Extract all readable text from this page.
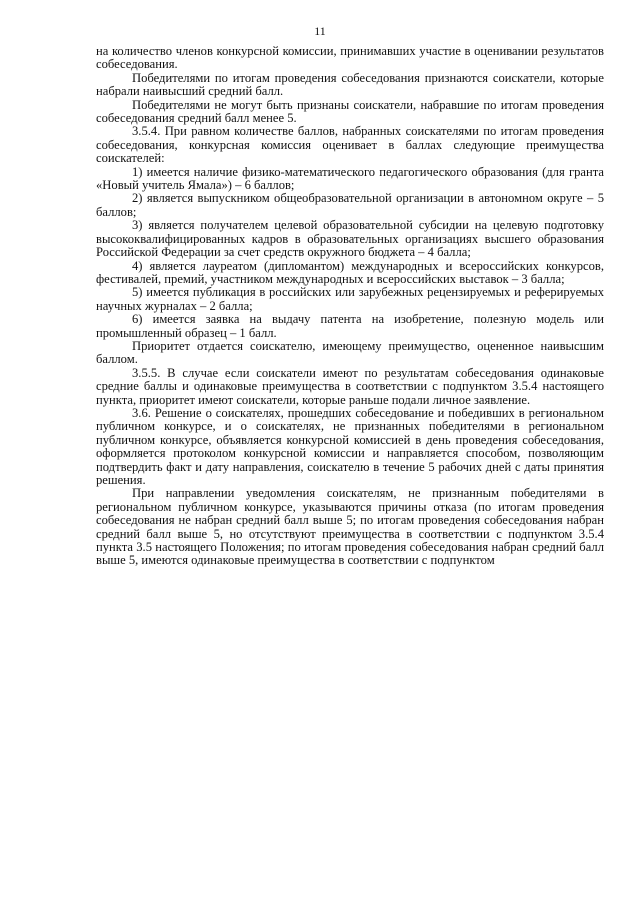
11

на количество членов конкурсной комиссии, принимавших участие в оценивании результатов собеседования.

Победителями по итогам проведения собеседования признаются соискатели, которые набрали наивысший средний балл.

Победителями не могут быть признаны соискатели, набравшие по итогам проведения собеседования средний балл менее 5.

3.5.4. При равном количестве баллов, набранных соискателями по итогам проведения собеседования, конкурсная комиссия оценивает в баллах следующие преимущества соискателей:

1) имеется наличие физико-математического педагогического образования (для гранта «Новый учитель Ямала») – 6 баллов;

2) является выпускником общеобразовательной организации в автономном округе – 5 баллов;

3) является получателем целевой образовательной субсидии на целевую подготовку высококвалифицированных кадров в образовательных организациях высшего образования Российской Федерации за счет средств окружного бюджета – 4 балла;

4) является лауреатом (дипломантом) международных и всероссийских конкурсов, фестивалей, премий, участником международных и всероссийских выставок – 3 балла;

5) имеется публикация в российских или зарубежных рецензируемых и реферируемых научных журналах – 2 балла;

6) имеется заявка на выдачу патента на изобретение, полезную модель или промышленный образец – 1 балл.

Приоритет отдается соискателю, имеющему преимущество, оцененное наивысшим баллом.

3.5.5. В случае если соискатели имеют по результатам собеседования одинаковые средние баллы и одинаковые преимущества в соответствии с подпунктом 3.5.4 настоящего пункта, приоритет имеют соискатели, которые раньше подали личное заявление.

3.6. Решение о соискателях, прошедших собеседование и победивших в региональном публичном конкурсе, и о соискателях, не признанных победителями в региональном публичном конкурсе, объявляется конкурсной комиссией в день проведения собеседования, оформляется протоколом конкурсной комиссии и направляется способом, позволяющим подтвердить факт и дату направления, соискателю в течение 5 рабочих дней с даты принятия решения.

При направлении уведомления соискателям, не признанным победителями в региональном публичном конкурсе, указываются причины отказа (по итогам проведения собеседования не набран средний балл выше 5; по итогам проведения собеседования набран средний балл выше 5, но отсутствуют преимущества в соответствии с подпунктом 3.5.4 пункта 3.5 настоящего Положения; по итогам проведения собеседования набран средний балл выше 5, имеются одинаковые преимущества в соответствии с подпунктом
